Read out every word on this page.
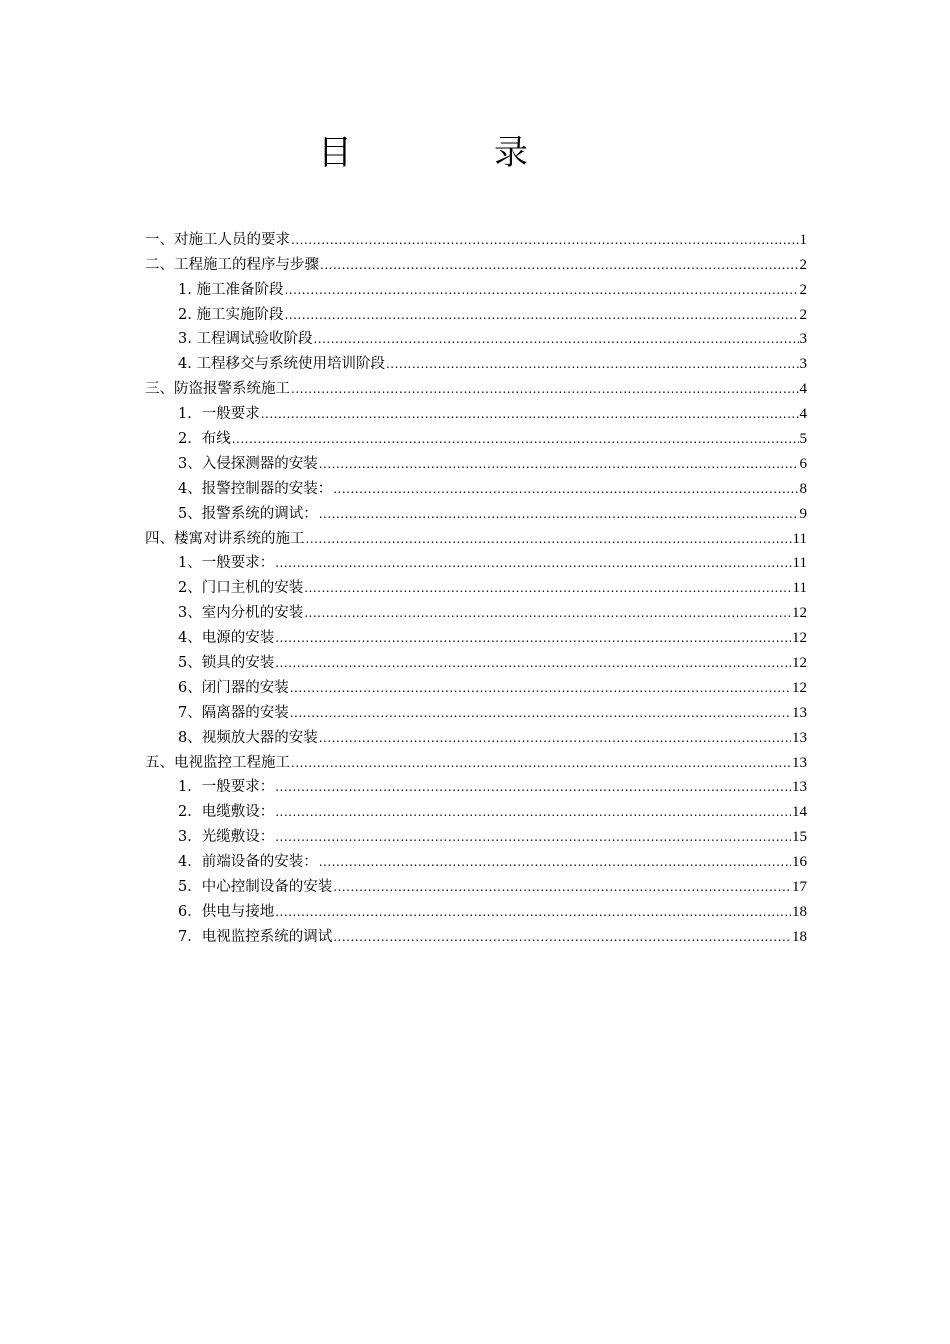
目	录
一、对施工人员的要求 .....	1
二、工程施工的程序与步骤 .....	2
1. 施工准备阶段 .....	2
2. 施工实施阶段 .....	2
3. 工程调试验收阶段 .....	3
4. 工程移交与系统使用培训阶段 .....	3
三、防盗报警系统施工 .....	4
1．一般要求 .....	4
2．布线 .....	5
3、入侵探测器的安装 .....	6
4、报警控制器的安装： .....	8
5、报警系统的调试： .....	9
四、楼寓对讲系统的施工 .....	11
1、一般要求： .....	11
2、门口主机的安装 .....	11
3、室内分机的安装 .....	12
4、电源的安装 .....	12
5、锁具的安装 .....	12
6、闭门器的安装 .....	12
7、隔离器的安装 .....	13
8、视频放大器的安装 .....	13
五、电视监控工程施工 .....	13
1．一般要求： .....	13
2．电缆敷设： .....	14
3．光缆敷设： .....	15
4．前端设备的安装： .....	16
5．中心控制设备的安装 .....	17
6．供电与接地 .....	18
7．电视监控系统的调试 .....	18
